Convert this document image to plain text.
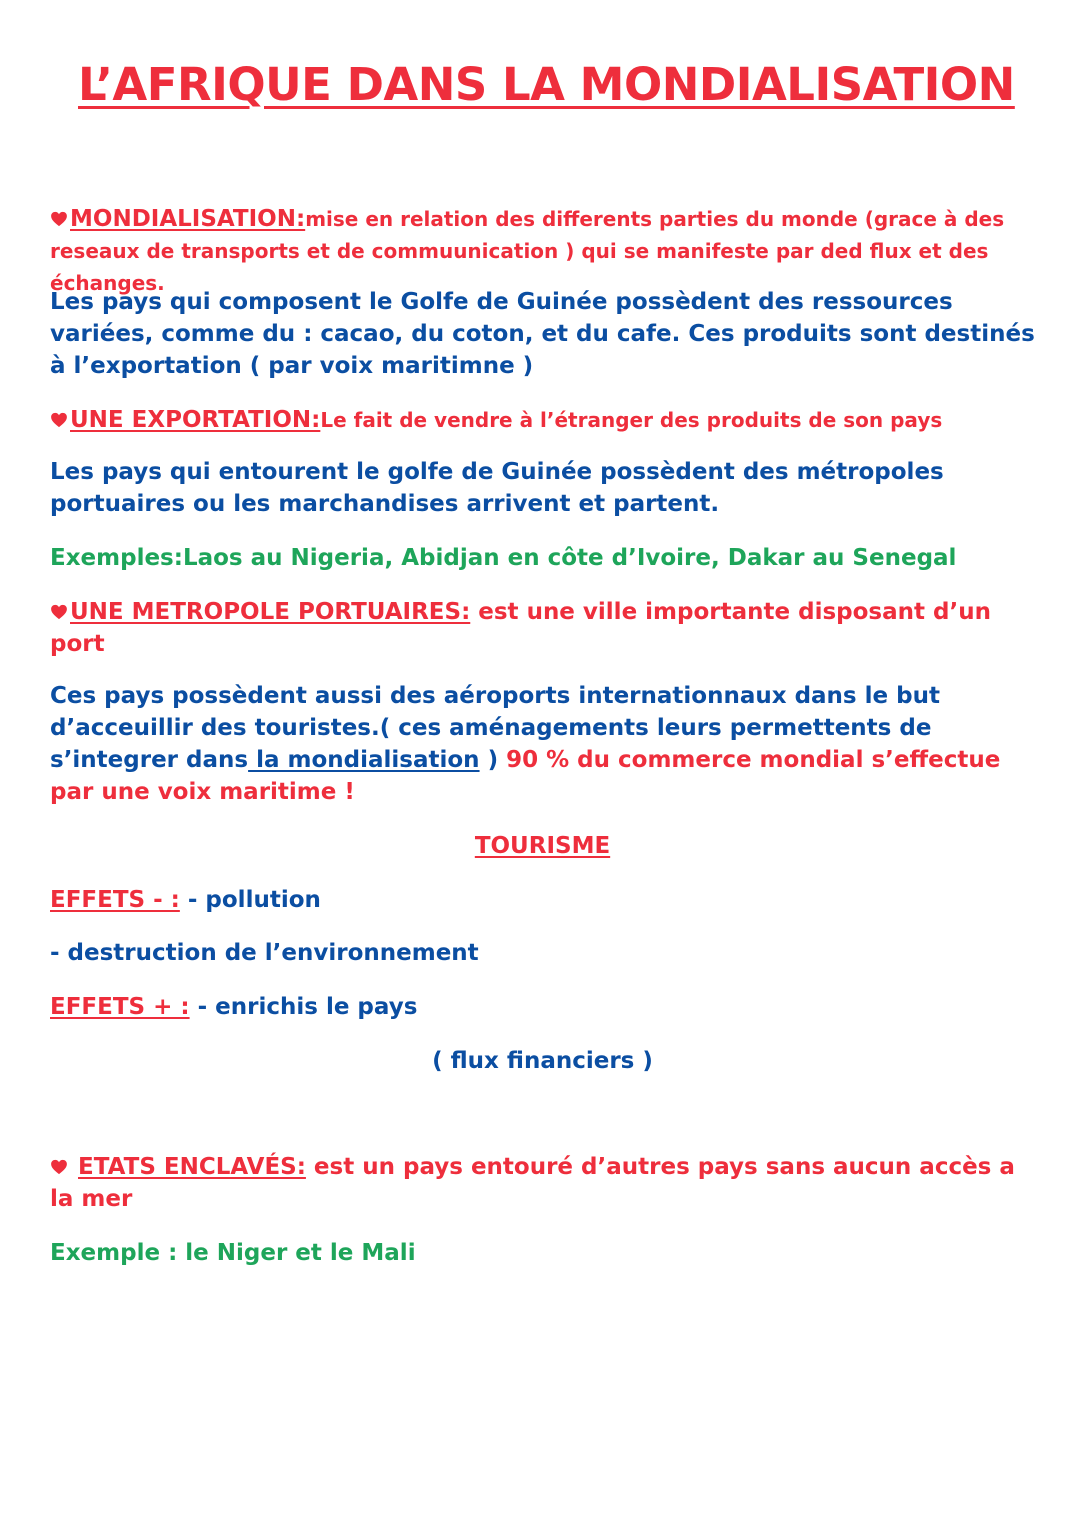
L’AFRIQUE DANS LA MONDIALISATION

MONDIALISATION:mise en relation des differents parties du monde (grace à des reseaux de transports et de commuunication ) qui se manifeste par ded flux et des échanges.

Les pays qui composent le Golfe de Guinée possèdent des ressources variées, comme du : cacao, du coton, et du cafe. Ces produits sont destinés à l’exportation ( par voix maritimne )

UNE EXPORTATION:Le fait de vendre à l’étranger des produits de son pays

Les pays qui entourent le golfe de Guinée possèdent des métropoles portuaires ou les marchandises arrivent et partent.

Exemples:Laos au Nigeria, Abidjan en côte d’Ivoire, Dakar au Senegal

UNE METROPOLE PORTUAIRES: est une ville importante disposant d’un port

Ces pays possèdent aussi des aéroports internationnaux dans le but d’acceuillir des touristes.( ces aménagements leurs permettents de s’integrer dans la mondialisation ) 90 % du commerce mondial s’effectue par une voix maritime !

TOURISME

EFFETS - : - pollution

- destruction de l’environnement

EFFETS + : - enrichis le pays

( flux financiers )

ETATS ENCLAVÉS: est un pays entouré d’autres pays sans aucun accès a la mer

Exemple : le Niger et le Mali
